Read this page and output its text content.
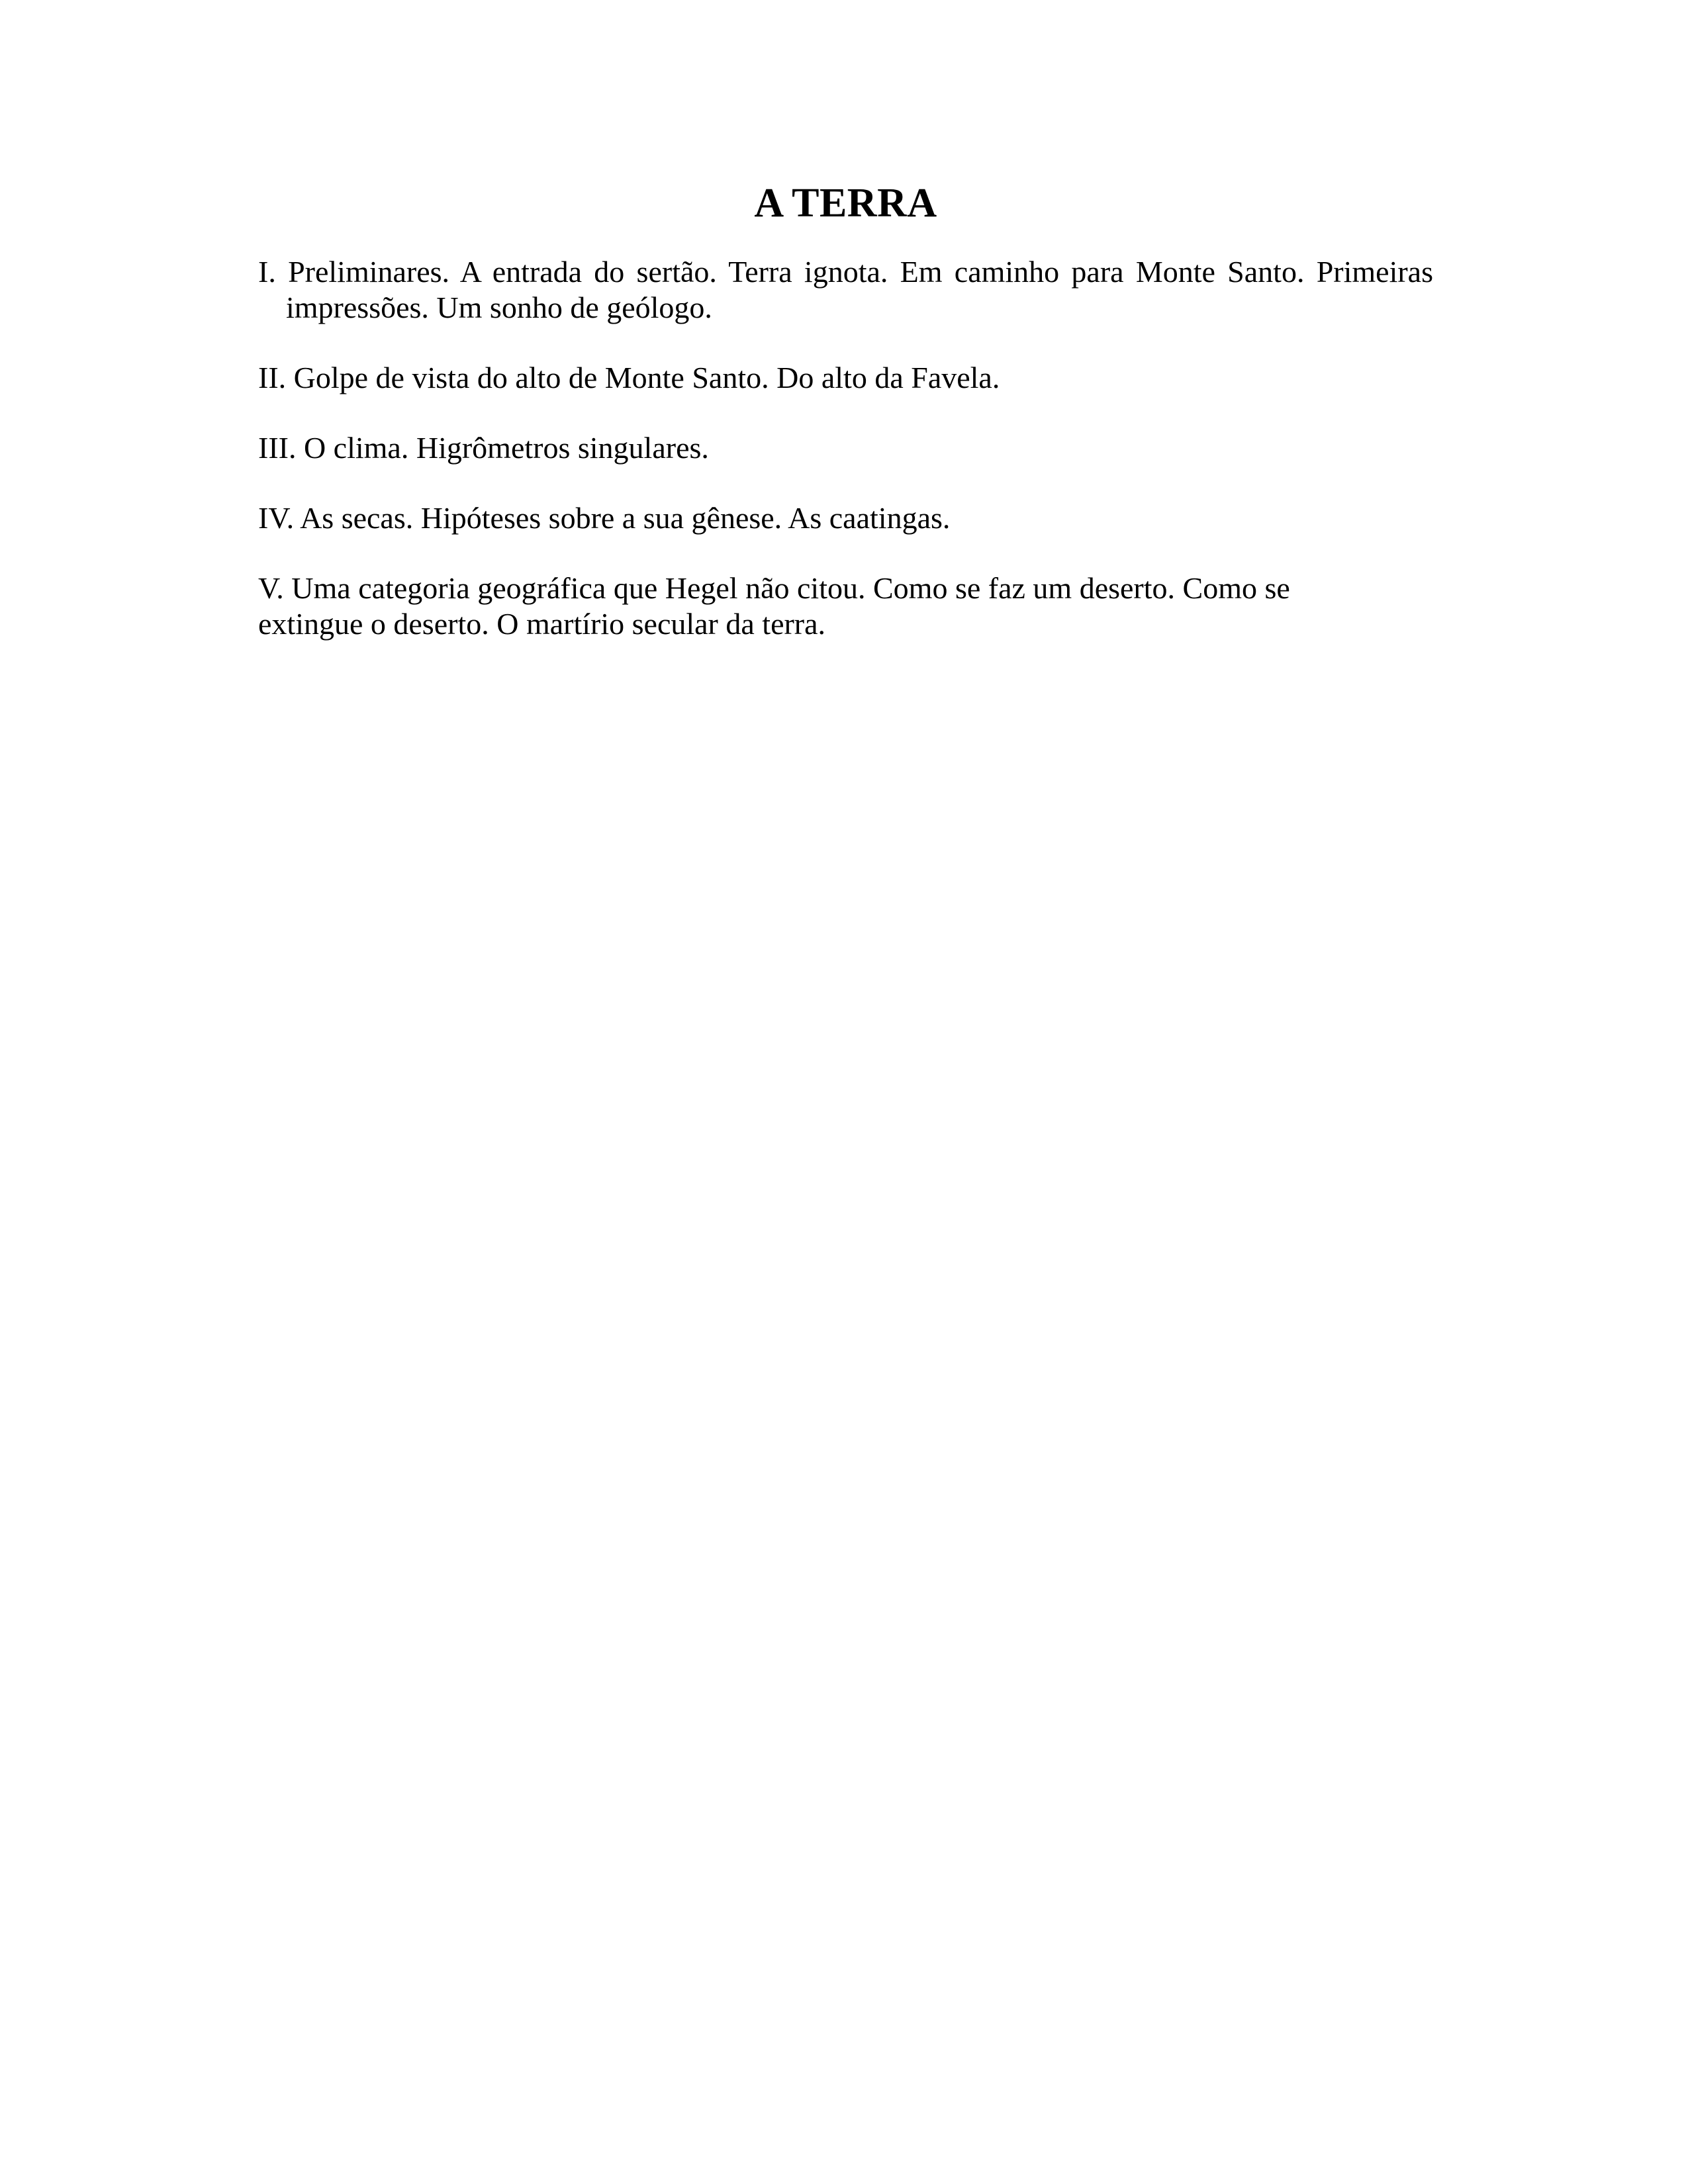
A TERRA
I. Preliminares. A entrada do sertão. Terra ignota. Em caminho para Monte Santo. Primeiras impressões. Um sonho de geólogo.
II. Golpe de vista do alto de Monte Santo. Do alto da Favela.
III. O clima. Higrômetros singulares.
IV. As secas. Hipóteses sobre a sua gênese. As caatingas.
V. Uma categoria geográfica que Hegel não citou. Como se faz um deserto. Como se extingue o deserto. O martírio secular da terra.
